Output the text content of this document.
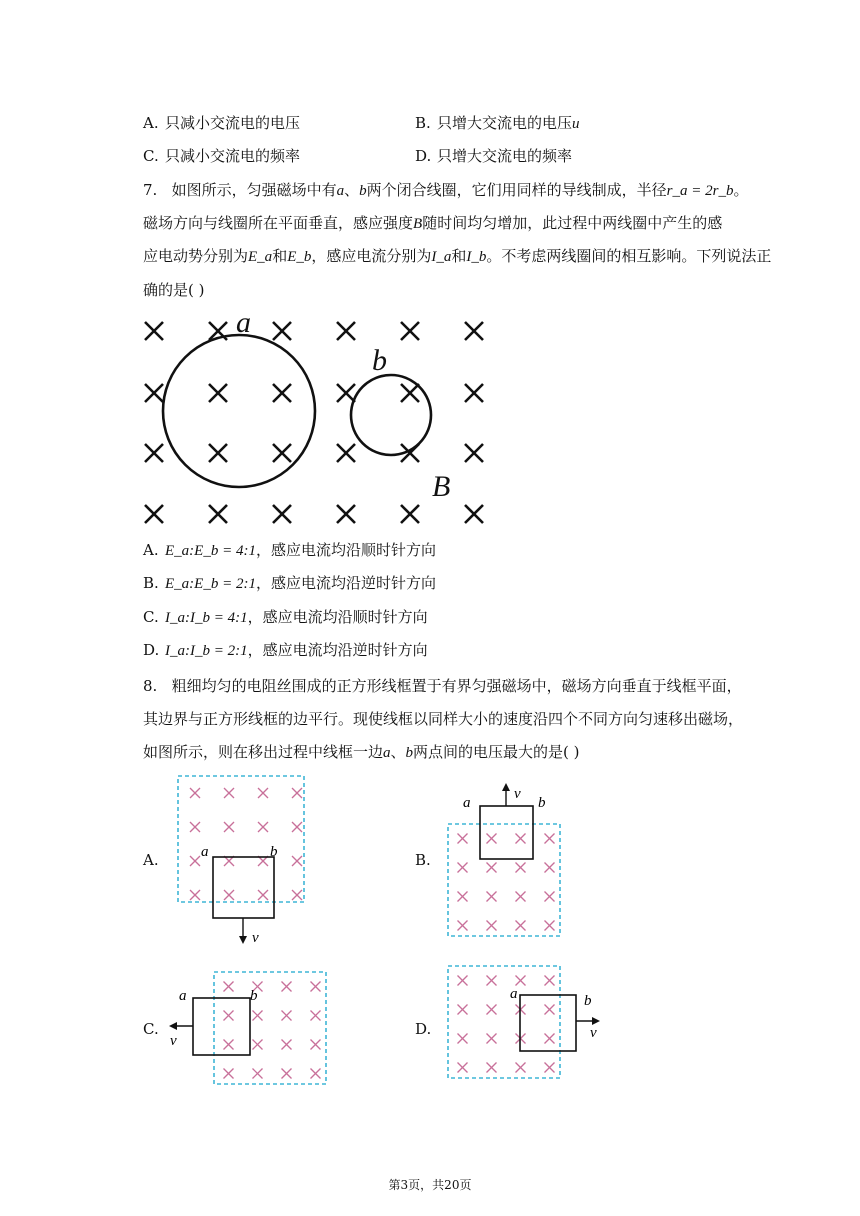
A. 只减小交流电的电压	B. 只增大交流电的电压u
C. 只减小交流电的频率	D. 只增大交流电的频率
7. 如图所示，匀强磁场中有a、b两个闭合线圈，它们用同样的导线制成，半径r_a = 2r_b。
磁场方向与线圈所在平面垂直，感应强度B随时间均匀增加，此过程中两线圈中产生的感
应电动势分别为E_a和E_b，感应电流分别为I_a和I_b。不考虑两线圈间的相互影响。下列说法正
确的是( )
a
b
B
A. E_a:E_b = 4:1，感应电流均沿顺时针方向
B. E_a:E_b = 2:1，感应电流均沿逆时针方向
C. I_a:I_b = 4:1，感应电流均沿顺时针方向
D. I_a:I_b = 2:1，感应电流均沿逆时针方向
8. 粗细均匀的电阻丝围成的正方形线框置于有界匀强磁场中，磁场方向垂直于线框平面，
其边界与正方形线框的边平行。现使线框以同样大小的速度沿四个不同方向匀速移出磁场，
如图所示，则在移出过程中线框一边a、b两点间的电压最大的是( )
A.	a	b
v
B.
a	b
v
C.
a	b
v
D.
a	b
v
第3页，共20页
